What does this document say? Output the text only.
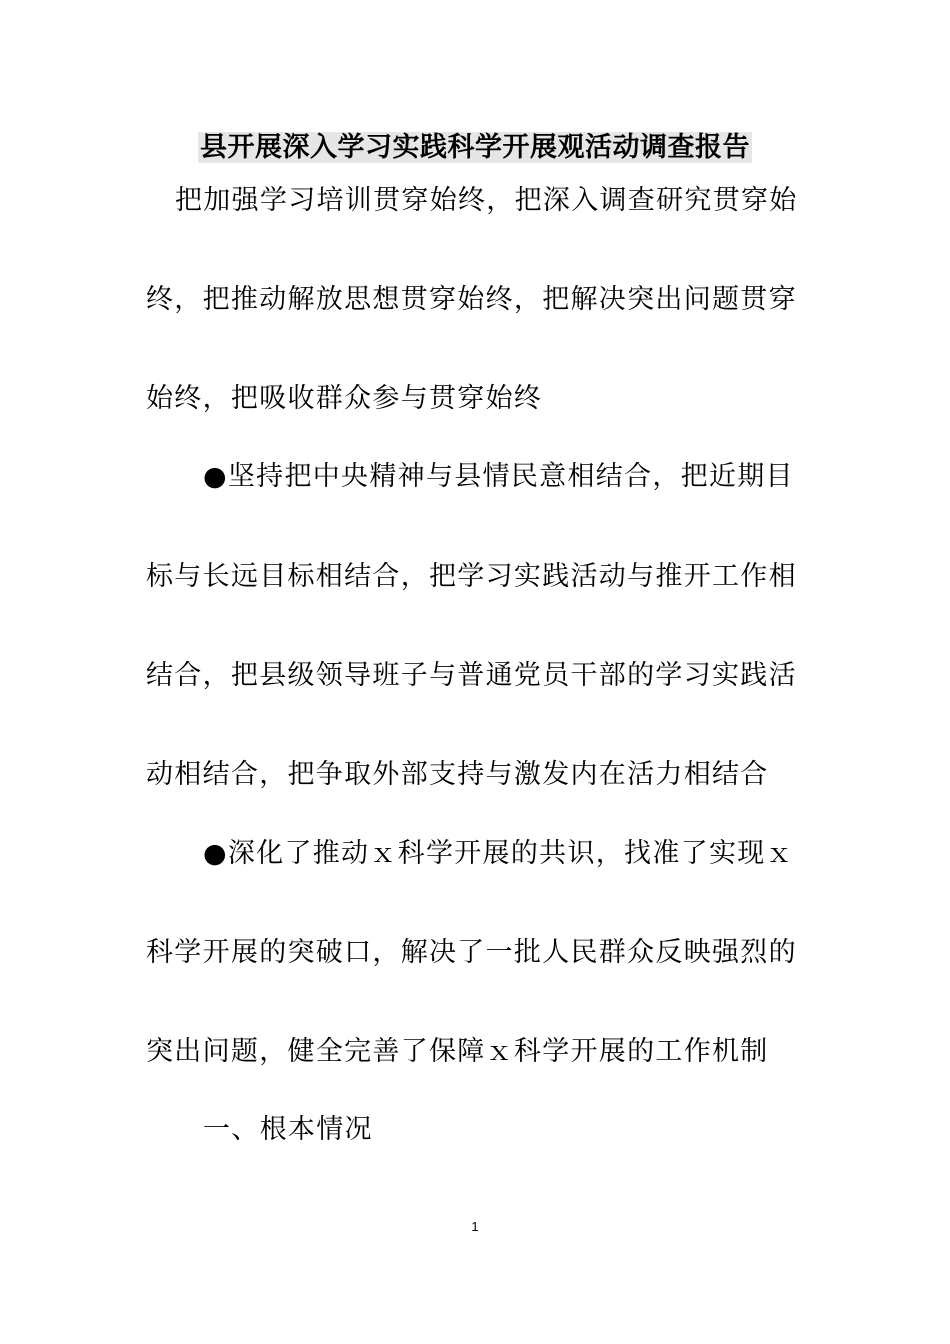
县开展深入学习实践科学开展观活动调查报告
把加强学习培训贯穿始终，把深入调查研究贯穿始
终，把推动解放思想贯穿始终，把解决突出问题贯穿
始终，把吸收群众参与贯穿始终
●坚持把中央精神与县情民意相结合，把近期目
标与长远目标相结合，把学习实践活动与推开工作相
结合，把县级领导班子与普通党员干部的学习实践活
动相结合，把争取外部支持与激发内在活力相结合
●深化了推动ｘ科学开展的共识，找准了实现ｘ
科学开展的突破口，解决了一批人民群众反映强烈的
突出问题，健全完善了保障ｘ科学开展的工作机制
一、根本情况
1
